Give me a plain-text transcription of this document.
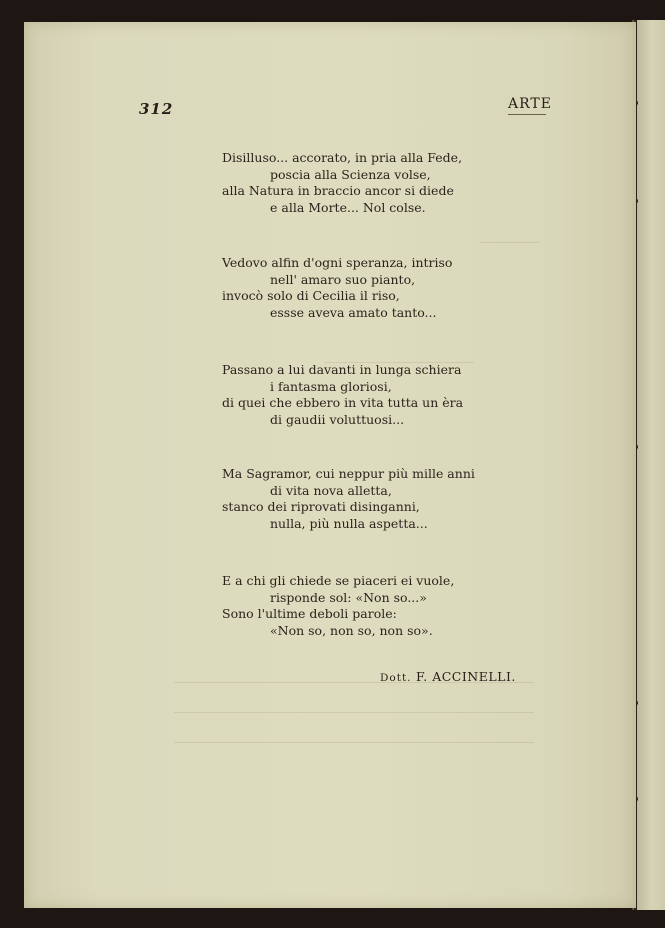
312	ARTE
Disilluso... accorato, in pria alla Fede,
poscia alla Scienza volse,
alla Natura in braccio ancor si diede
e alla Morte... Nol colse.
Vedovo alfin d'ogni speranza, intriso
nell' amaro suo pianto,
invocò solo di Cecilia il riso,
essse aveva amato tanto...
Passano a lui davanti in lunga schiera
i fantasma gloriosi,
di quei che ebbero in vita tutta un èra
di gaudii voluttuosi...
Ma Sagramor, cui neppur più mille anni
di vita nova alletta,
stanco dei riprovati disinganni,
nulla, più nulla aspetta...
E a chi gli chiede se piaceri ei vuole,
risponde sol: «Non so...»
Sono l'ultime deboli parole:
«Non so, non so, non so».
Dott. F. ACCINELLI.
